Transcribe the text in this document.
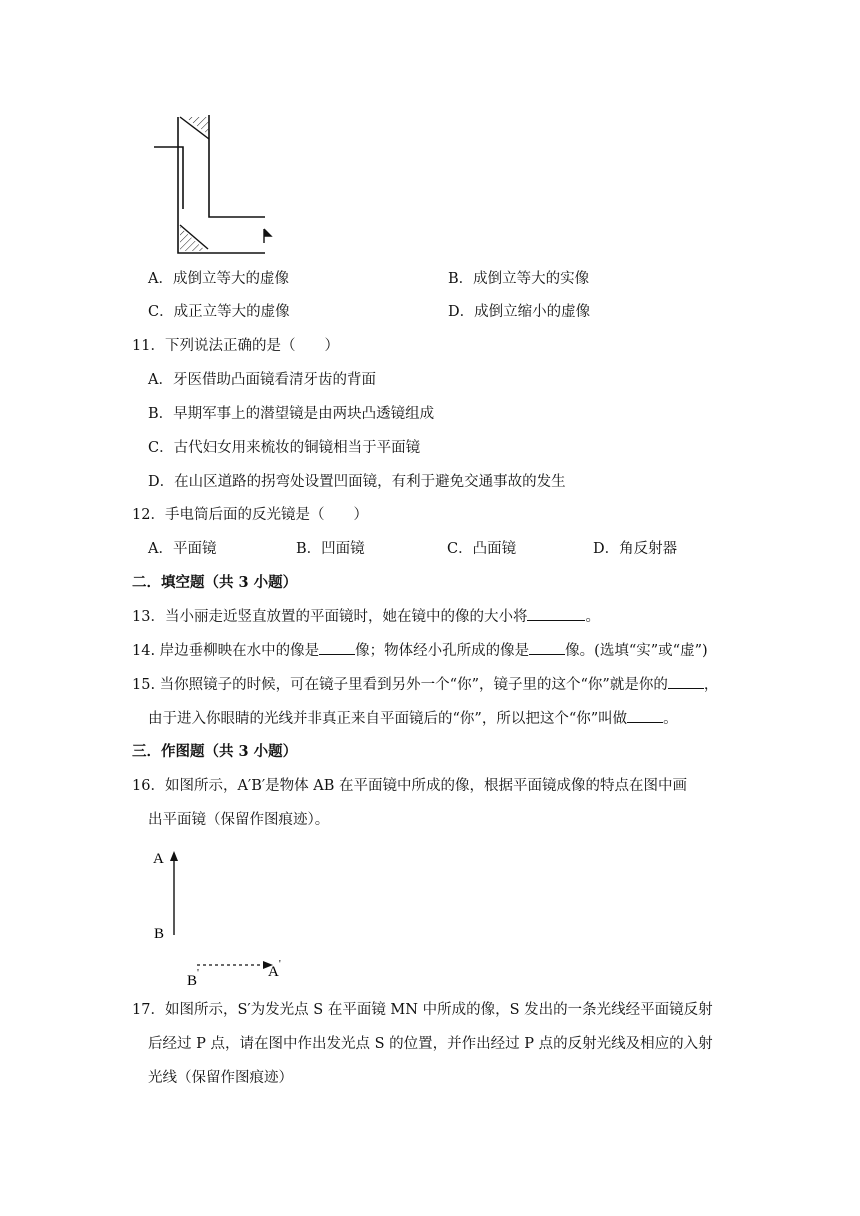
A．成倒立等大的虚像	B．成倒立等大的实像
C．成正立等大的虚像	D．成倒立缩小的虚像
11．下列说法正确的是（　　）
A．牙医借助凸面镜看清牙齿的背面
B．早期军事上的潜望镜是由两块凸透镜组成
C．古代妇女用来梳妆的铜镜相当于平面镜
D．在山区道路的拐弯处设置凹面镜，有利于避免交通事故的发生
12．手电筒后面的反光镜是（　　）
A．平面镜	B．凹面镜	C．凸面镜	D．角反射器
二．填空题（共 3 小题）
13．当小丽走近竖直放置的平面镜时，她在镜中的像的大小将	。
14. 岸边垂柳映在水中的像是 像；物体经小孔所成的像是 像。(选填“实”或“虚”)
15. 当你照镜子的时候，可在镜子里看到另外一个“你”，镜子里的这个“你”就是你的 ，
由于进入你眼睛的光线并非真正来自平面镜后的“你”，所以把这个“你”叫做 。
三．作图题（共 3 小题）
16．如图所示，A′B′是物体 AB 在平面镜中所成的像，根据平面镜成像的特点在图中画
出平面镜（保留作图痕迹）。
A
B
B'	A'
17．如图所示，S′为发光点 S 在平面镜 MN 中所成的像，S 发出的一条光线经平面镜反射
后经过 P 点，请在图中作出发光点 S 的位置，并作出经过 P 点的反射光线及相应的入射
光线（保留作图痕迹）
